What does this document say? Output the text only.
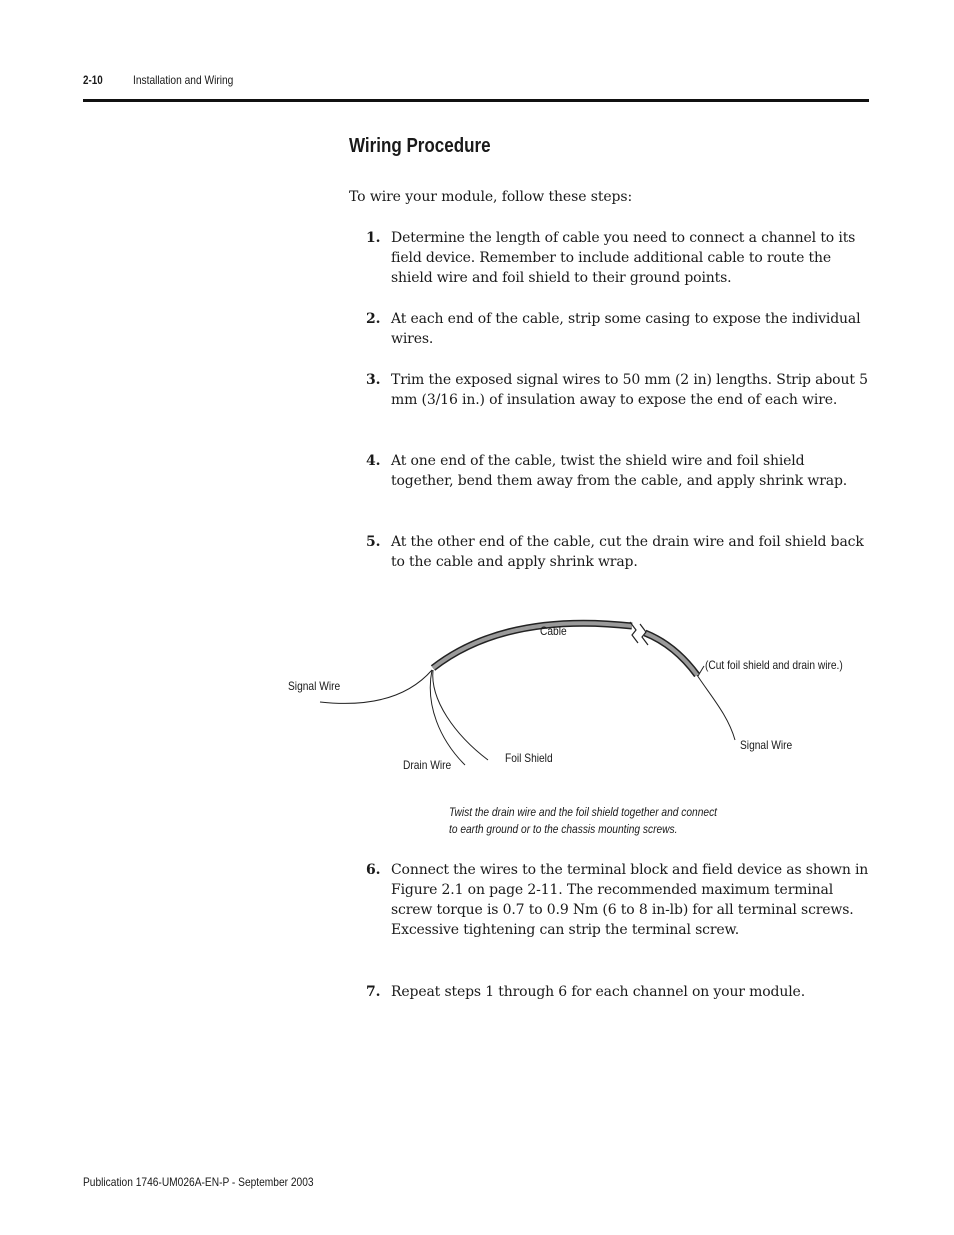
2-10	Installation and Wiring
Wiring Procedure

To wire your module, follow these steps:

1. Determine the length of cable you need to connect a channel to its field device. Remember to include additional cable to route the shield wire and foil shield to their ground points.
2. At each end of the cable, strip some casing to expose the individual wires.
3. Trim the exposed signal wires to 50 mm (2 in) lengths. Strip about 5 mm (3/16 in.) of insulation away to expose the end of each wire.
4. At one end of the cable, twist the shield wire and foil shield together, bend them away from the cable, and apply shrink wrap.
5. At the other end of the cable, cut the drain wire and foil shield back to the cable and apply shrink wrap.
Cable
Signal Wire
(Cut foil shield and drain wire.)
Signal Wire
Drain Wire	Foil Shield
Twist the drain wire and the foil shield together and connect
to earth ground or to the chassis mounting screws.
6. Connect the wires to the terminal block and field device as shown in Figure 2.1 on page 2-11. The recommended maximum terminal screw torque is 0.7 to 0.9 Nm (6 to 8 in-lb) for all terminal screws. Excessive tightening can strip the terminal screw.
7. Repeat steps 1 through 6 for each channel on your module.
Publication 1746-UM026A-EN-P - September 2003
